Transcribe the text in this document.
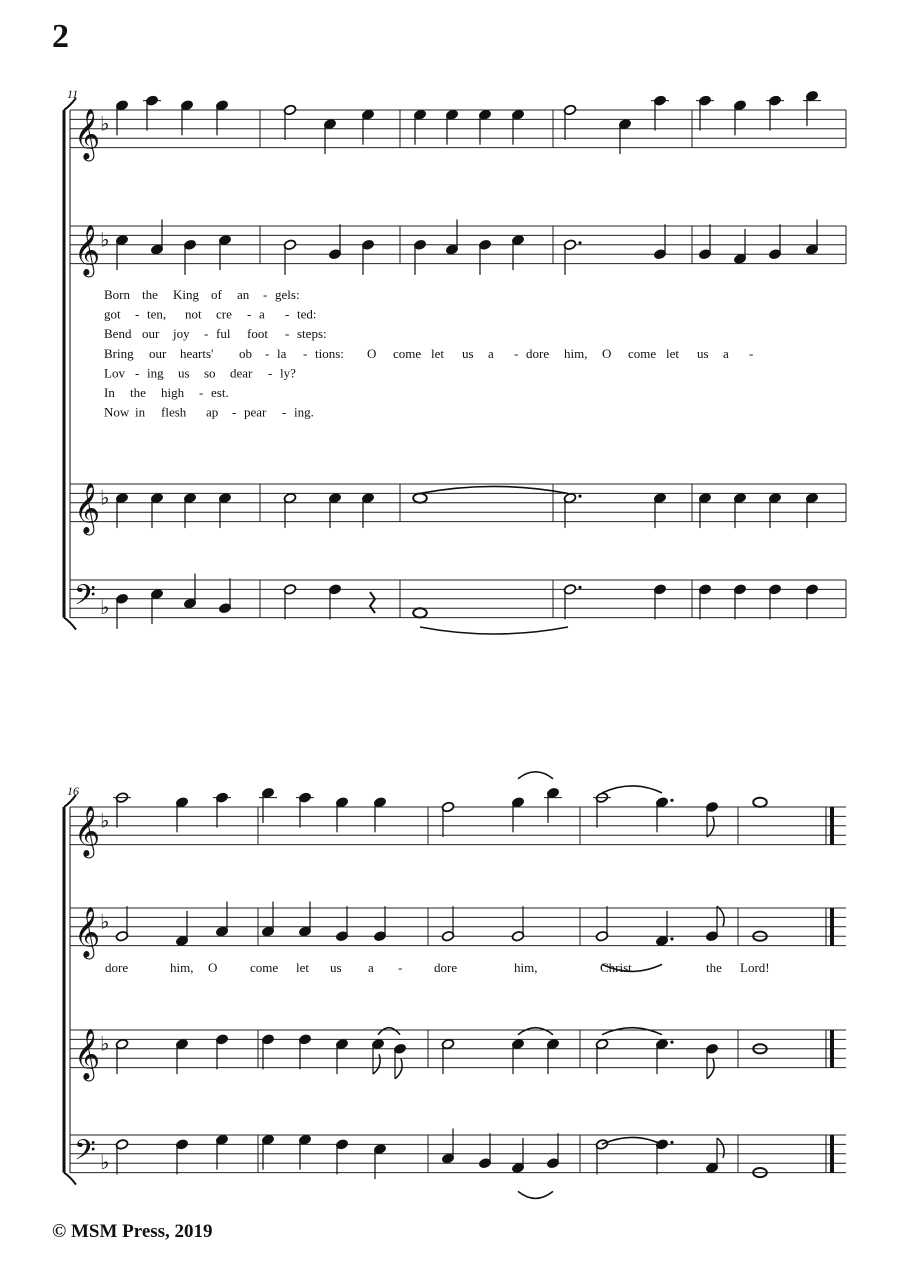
2
𝄞 ♭
𝄞 ♭
𝄞 ♭
𝄢 ♭
𝄞 ♭
𝄞 ♭
𝄞 ♭
𝄢 ♭
Born the King of an - gels:
got - ten, not cre - a - ted:
Bend our joy - ful foot - steps:
Bring our hearts' ob - la - tions: O come let us a - dore him, O come let us a -
Lov - ing us so dear - ly?
In the high - est.
Now in flesh ap - pear - ing.
dore	him, O	come let us a - dore	him,	Christ	the Lord!
11
16
© MSM Press, 2019
